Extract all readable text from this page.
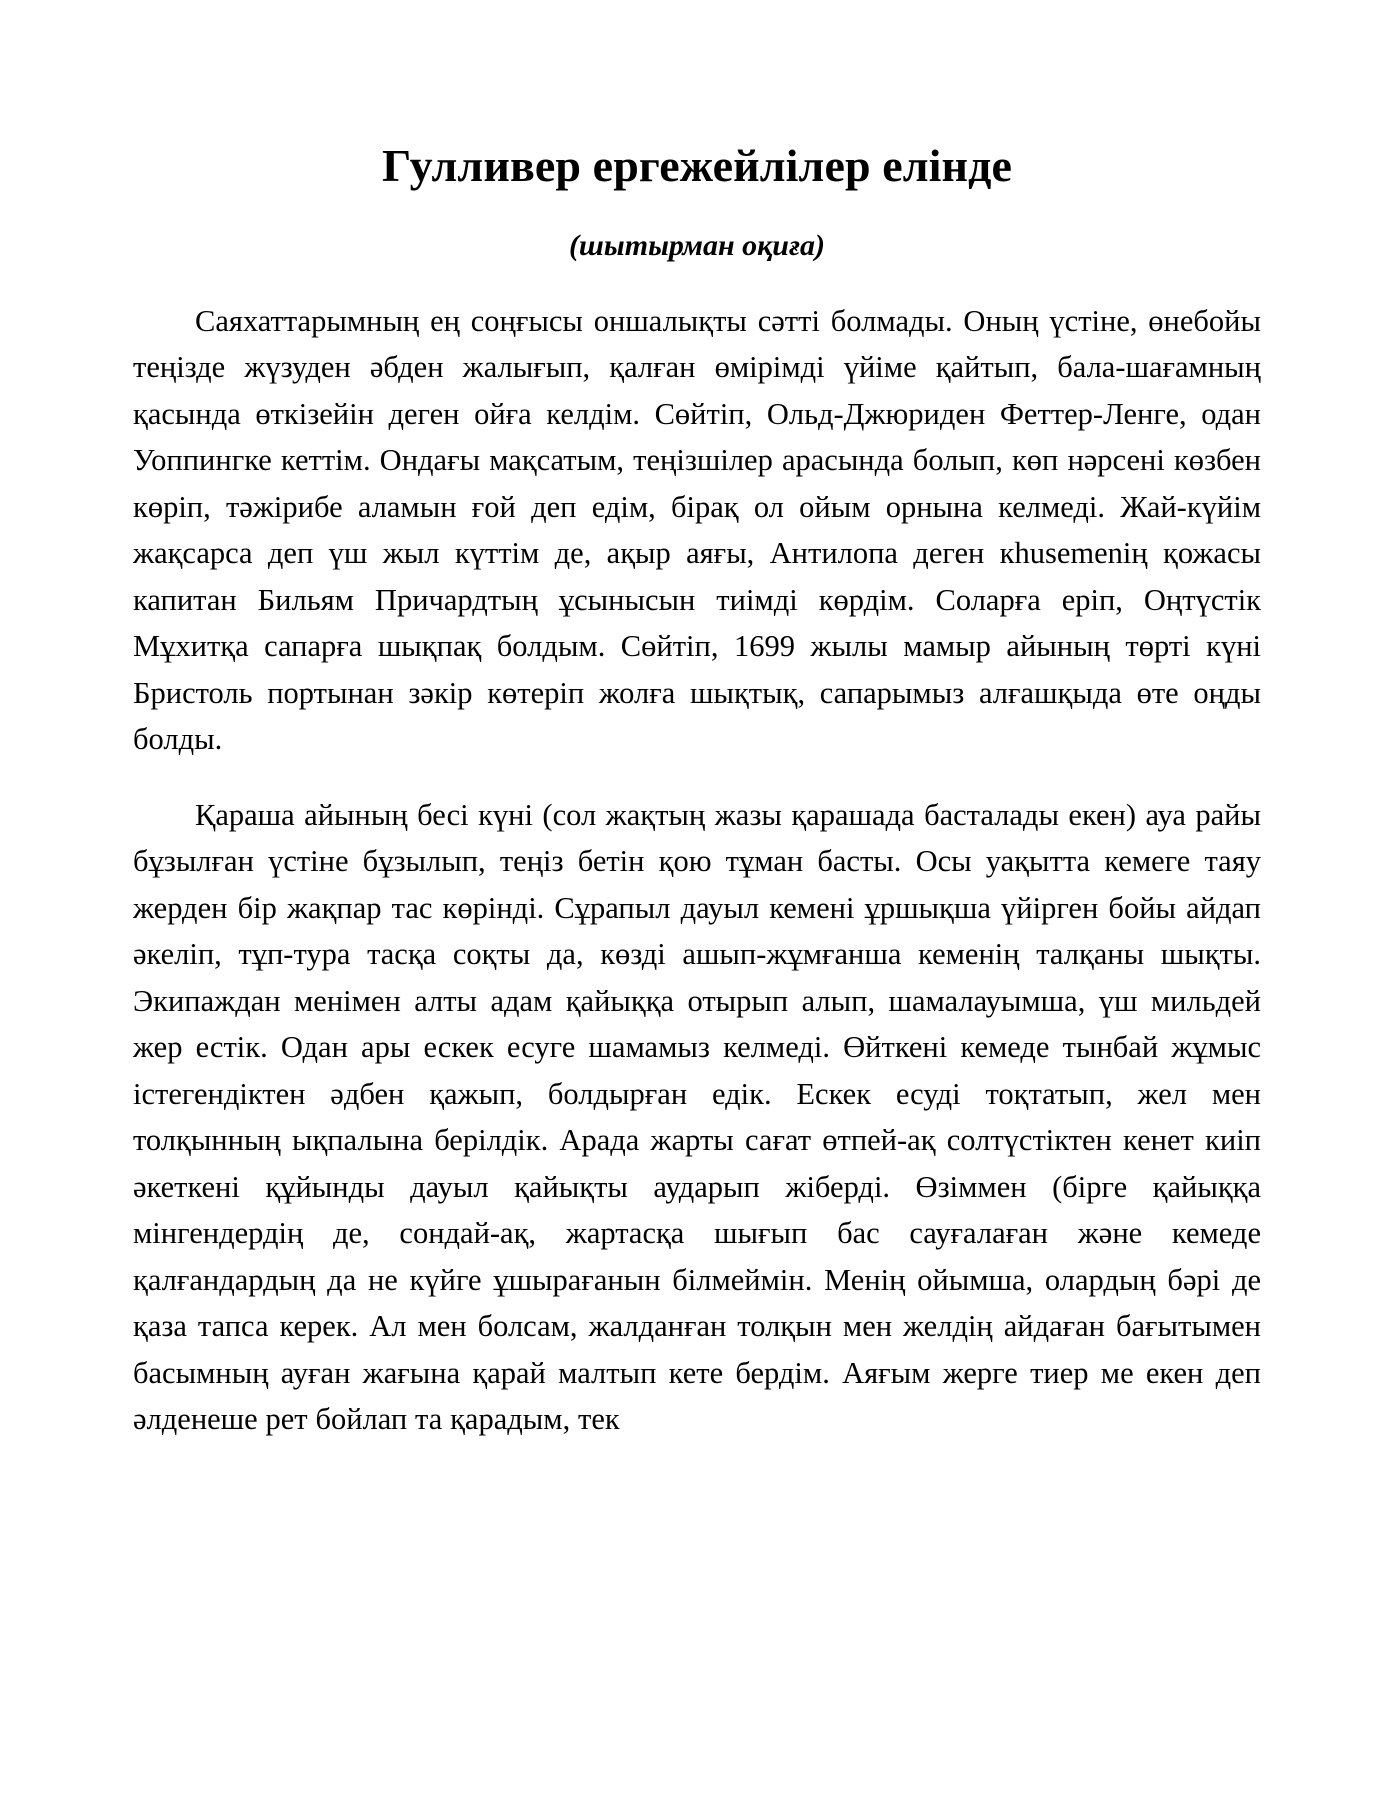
Гулливер ергежейлілер елінде
(шытырман оқиға)

Саяхаттарымның ең соңғысы оншалықты сәтті болмады. Оның үстіне, өнебойы теңізде жүзуден әбден жалығып, қалған өмірімді үйіме қайтып, бала-шағамның қасында өткізейін деген ойға келдім. Сөйтіп, Ольд-Джюриден Феттер-Ленге, одан Уоппингке кеттім. Ондағы мақсатым, теңізшілер арасында болып, көп нәрсені көзбен көріп, тәжірибе аламын ғой деп едім, бірақ ол ойым орнына келмеді. Жай-күйім жақсарса деп үш жыл күттім де, ақыр аяғы, Антилопа деген кhusemenің қожасы капитан Бильям Причардтың ұсынысын тиімді көрдім. Соларға еріп, Оңтүстік Мұхитқа сапарға шықпақ болдым. Сөйтіп, 1699 жылы мамыр айының төрті күні Бристоль портынан зәкір көтеріп жолға шықтық, сапарымыз алғашқыда өте оңды болды.

Қараша айының бесі күні (сол жақтың жазы қарашада басталады екен) ауа райы бұзылған үстіне бұзылып, теңіз бетін қою тұман басты. Осы уақытта кемеге таяу жерден бір жақпар тас көрінді. Сұрапыл дауыл кемені ұршықша үйірген бойы айдап әкеліп, тұп-тура тасқа соқты да, көзді ашып-жұмғанша кеменің талқаны шықты. Экипаждан менімен алты адам қайыққа отырып алып, шамалауымша, үш мильдей жер естік. Одан ары ескек есуге шамамыз келмеді. Өйткені кемеде тынбай жұмыс істегендіктен әдбен қажып, болдырған едік. Ескек есуді тоқтатып, жел мен толқынның ықпалына берілдік. Арада жарты сағат өтпей-ақ солтүстіктен кенет киіп әкеткені құйынды дауыл қайықты аударып жіберді. Өзіммен (бірге қайыққа мінгендердің де, сондай-ақ, жартасқа шығып бас сауғалаған және кемеде қалғандардың да не күйге ұшырағанын білмеймін. Менің ойымша, олардың бәрі де қаза тапса керек. Ал мен болсам, жалданған толқын мен желдің айдаған бағытымен басымның ауған жағына қарай малтып кете бердім. Аяғым жерге тиер ме екен деп әлденеше рет бойлап та қарадым, тек
